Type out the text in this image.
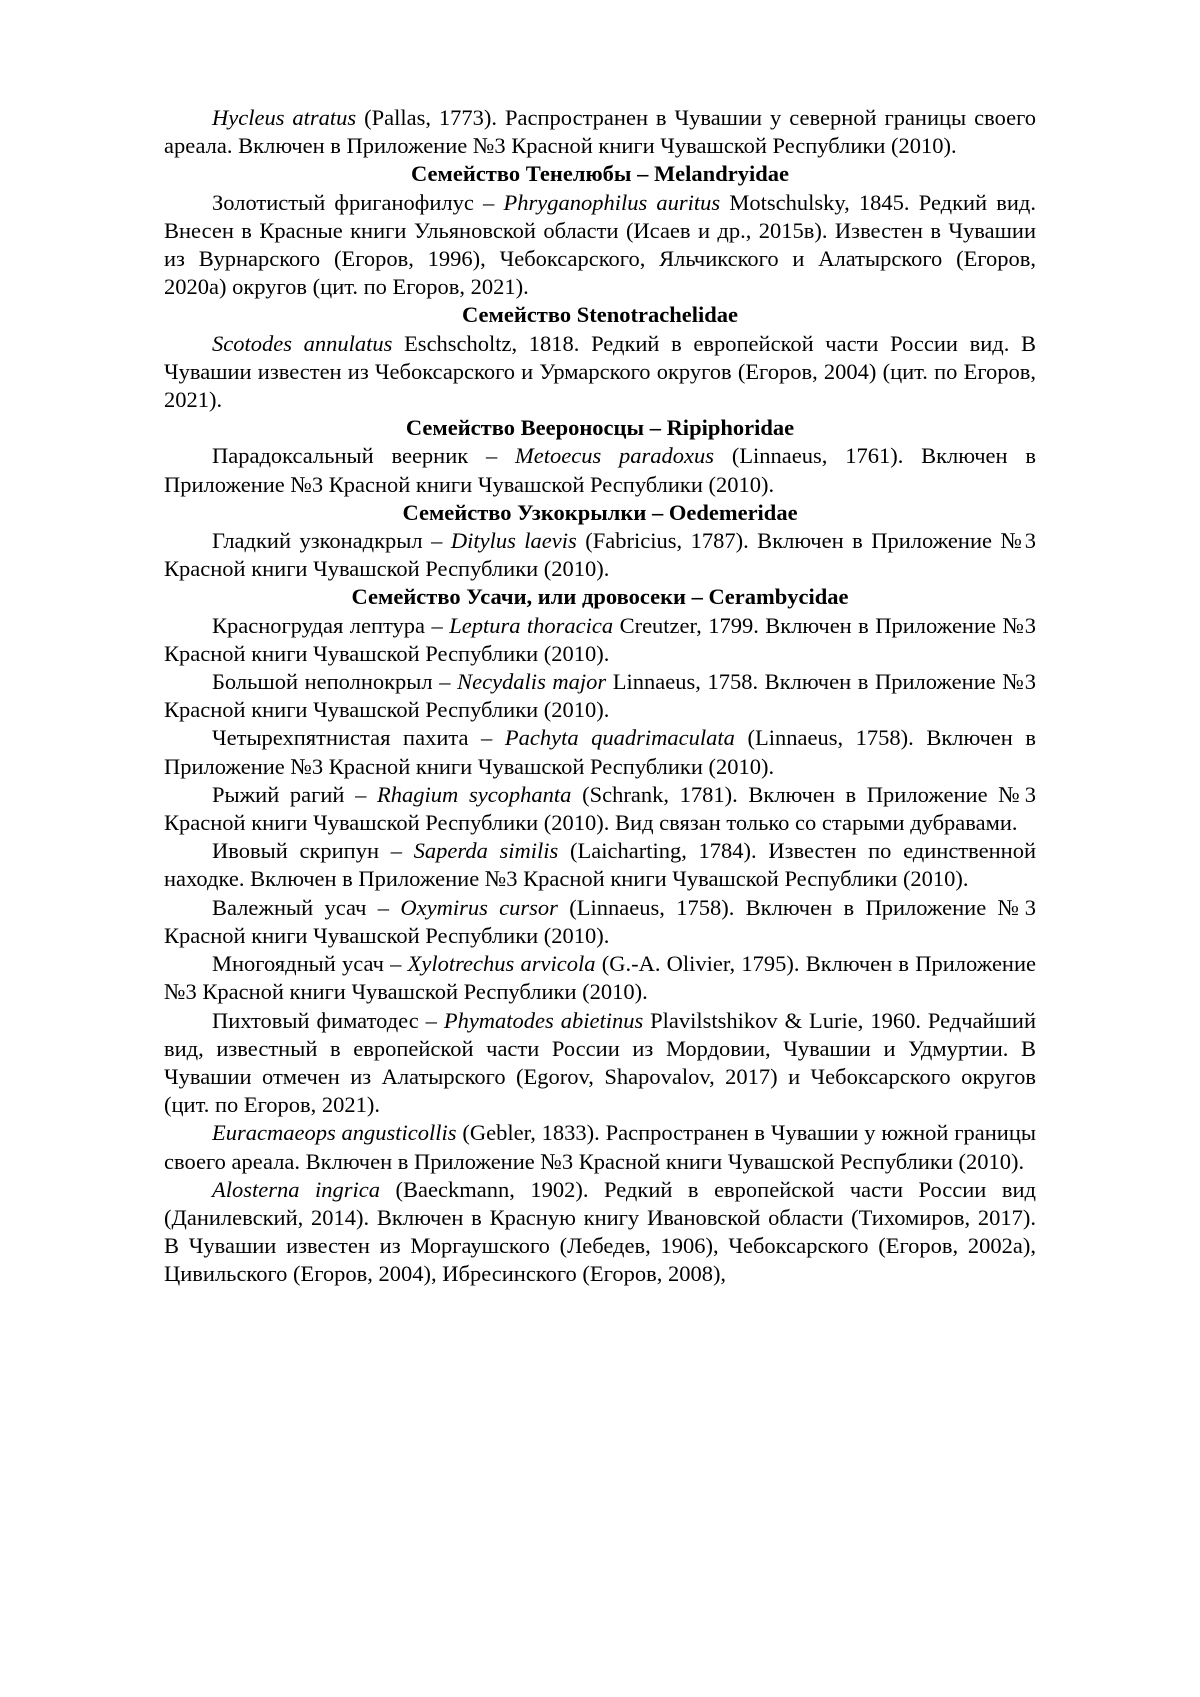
Hycleus atratus (Pallas, 1773). Распространен в Чувашии у северной границы своего ареала. Включен в Приложение №3 Красной книги Чувашской Республики (2010).

Семейство Тенелюбы – Melandryidae

Золотистый фриганофилус – Phryganophilus auritus Motschulsky, 1845. Редкий вид. Внесен в Красные книги Ульяновской области (Исаев и др., 2015в). Известен в Чувашии из Вурнарского (Егоров, 1996), Чебоксарского, Яльчикского и Алатырского (Егоров, 2020а) округов (цит. по Егоров, 2021).

Семейство Stenotrachelidae

Scotodes annulatus Eschscholtz, 1818. Редкий в европейской части России вид. В Чувашии известен из Чебоксарского и Урмарского округов (Егоров, 2004) (цит. по Егоров, 2021).

Семейство Веероносцы – Ripiphoridae

Парадоксальный веерник – Metoecus paradoxus (Linnaeus, 1761). Включен в Приложение №3 Красной книги Чувашской Республики (2010).

Семейство Узкокрылки – Oedemeridae

Гладкий узконадкрыл – Ditylus laevis (Fabricius, 1787). Включен в Приложение №3 Красной книги Чувашской Республики (2010).

Семейство Усачи, или дровосеки – Cerambycidae

Красногрудая лептура – Leptura thoracica Creutzer, 1799. Включен в Приложение №3 Красной книги Чувашской Республики (2010).

Большой неполнокрыл – Necydalis major Linnaeus, 1758. Включен в Приложение №3 Красной книги Чувашской Республики (2010).

Четырехпятнистая пахита – Pachyta quadrimaculata (Linnaeus, 1758). Включен в Приложение №3 Красной книги Чувашской Республики (2010).

Рыжий рагий – Rhagium sycophanta (Schrank, 1781). Включен в Приложение №3 Красной книги Чувашской Республики (2010). Вид связан только со старыми дубравами.

Ивовый скрипун – Saperda similis (Laicharting, 1784). Известен по единственной находке. Включен в Приложение №3 Красной книги Чувашской Республики (2010).

Валежный усач – Oxymirus cursor (Linnaeus, 1758). Включен в Приложение №3 Красной книги Чувашской Республики (2010).

Многоядный усач – Xylotrechus arvicola (G.-A. Olivier, 1795). Включен в Приложение №3 Красной книги Чувашской Республики (2010).

Пихтовый фиматодес – Phymatodes abietinus Plavilstshikov & Lurie, 1960. Редчайший вид, известный в европейской части России из Мордовии, Чувашии и Удмуртии. В Чувашии отмечен из Алатырского (Egorov, Shapovalov, 2017) и Чебоксарского округов (цит. по Егоров, 2021).

Euracmaeops angusticollis (Gebler, 1833). Распространен в Чувашии у южной границы своего ареала. Включен в Приложение №3 Красной книги Чувашской Республики (2010).

Alosterna ingrica (Baeckmann, 1902). Редкий в европейской части России вид (Данилевский, 2014). Включен в Красную книгу Ивановской области (Тихомиров, 2017). В Чувашии известен из Моргаушского (Лебедев, 1906), Чебоксарского (Егоров, 2002а), Цивильского (Егоров, 2004), Ибресинского (Егоров, 2008),
